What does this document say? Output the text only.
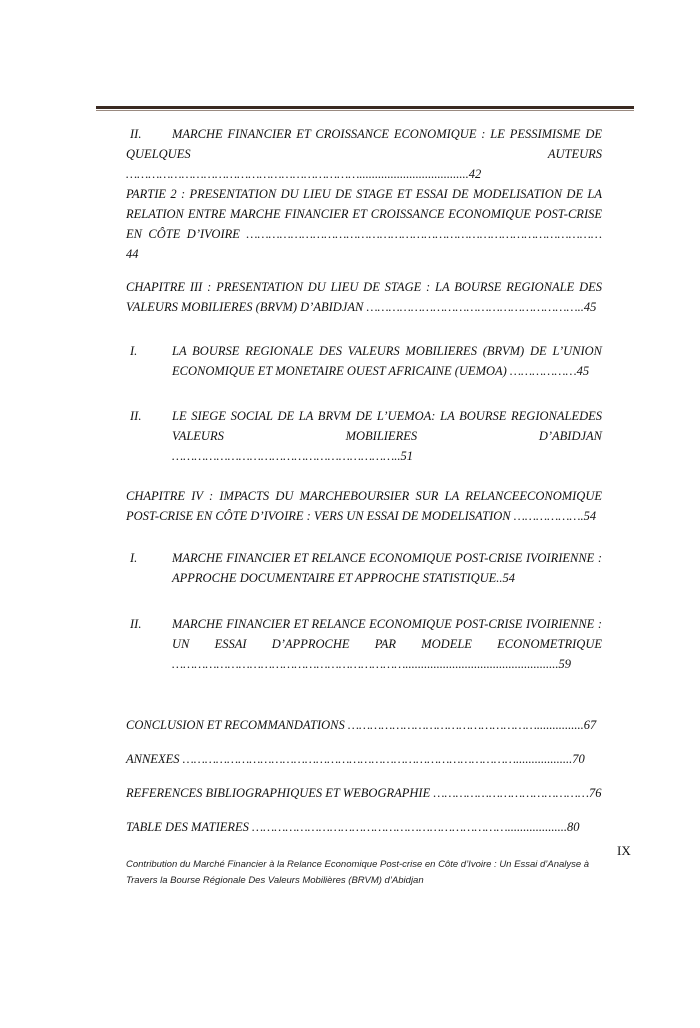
II.	MARCHE FINANCIER ET CROISSANCE ECONOMIQUE : LE PESSIMISME DE QUELQUES AUTEURS ………………………………………………………...................................42

PARTIE 2 : PRESENTATION DU LIEU DE STAGE ET ESSAI DE MODELISATION DE LA RELATION ENTRE MARCHE FINANCIER ET CROISSANCE ECONOMIQUE POST-CRISE EN CÔTE D’IVOIRE ……………………………………………………………………………………44

CHAPITRE III : PRESENTATION DU LIEU DE STAGE : LA BOURSE REGIONALE DES VALEURS MOBILIERES (BRVM) D’ABIDJAN …………………………………………………..45

I.	LA BOURSE REGIONALE DES VALEURS MOBILIERES (BRVM) DE L’UNION ECONOMIQUE ET MONETAIRE OUEST AFRICAINE (UEMOA) ………………45
II. LE SIEGE SOCIAL DE LA BRVM DE L’UEMOA: LA BOURSE REGIONALEDES VALEURS MOBILIERES D’ABIDJAN ……………………………………………………..51

CHAPITRE IV : IMPACTS DU MARCHEBOURSIER SUR LA RELANCEECONOMIQUE POST-CRISE EN CÔTE D’IVOIRE : VERS UN ESSAI DE MODELISATION ……………….54

I.	MARCHE FINANCIER ET RELANCE ECONOMIQUE POST-CRISE IVOIRIENNE : APPROCHE DOCUMENTAIRE ET APPROCHE STATISTIQUE..54
II. MARCHE FINANCIER ET RELANCE ECONOMIQUE POST-CRISE IVOIRIENNE : UN ESSAI D’APPROCHE PAR MODELE ECONOMETRIQUE ……………………………………………………….................................................59

CONCLUSION ET RECOMMANDATIONS ……………………………………………...............67

ANNEXES ………………………………………………………………………………..................70

REFERENCES BIBLIOGRAPHIQUES ET WEBOGRAPHIE ……………………………………76

TABLE DES MATIERES ……………………………………………………………...................80

IX
Contribution du Marché Financier à la Relance Economique Post-crise en Côte d’Ivoire : Un Essai d’Analyse à Travers la Bourse Régionale Des Valeurs Mobilières (BRVM) d’Abidjan
